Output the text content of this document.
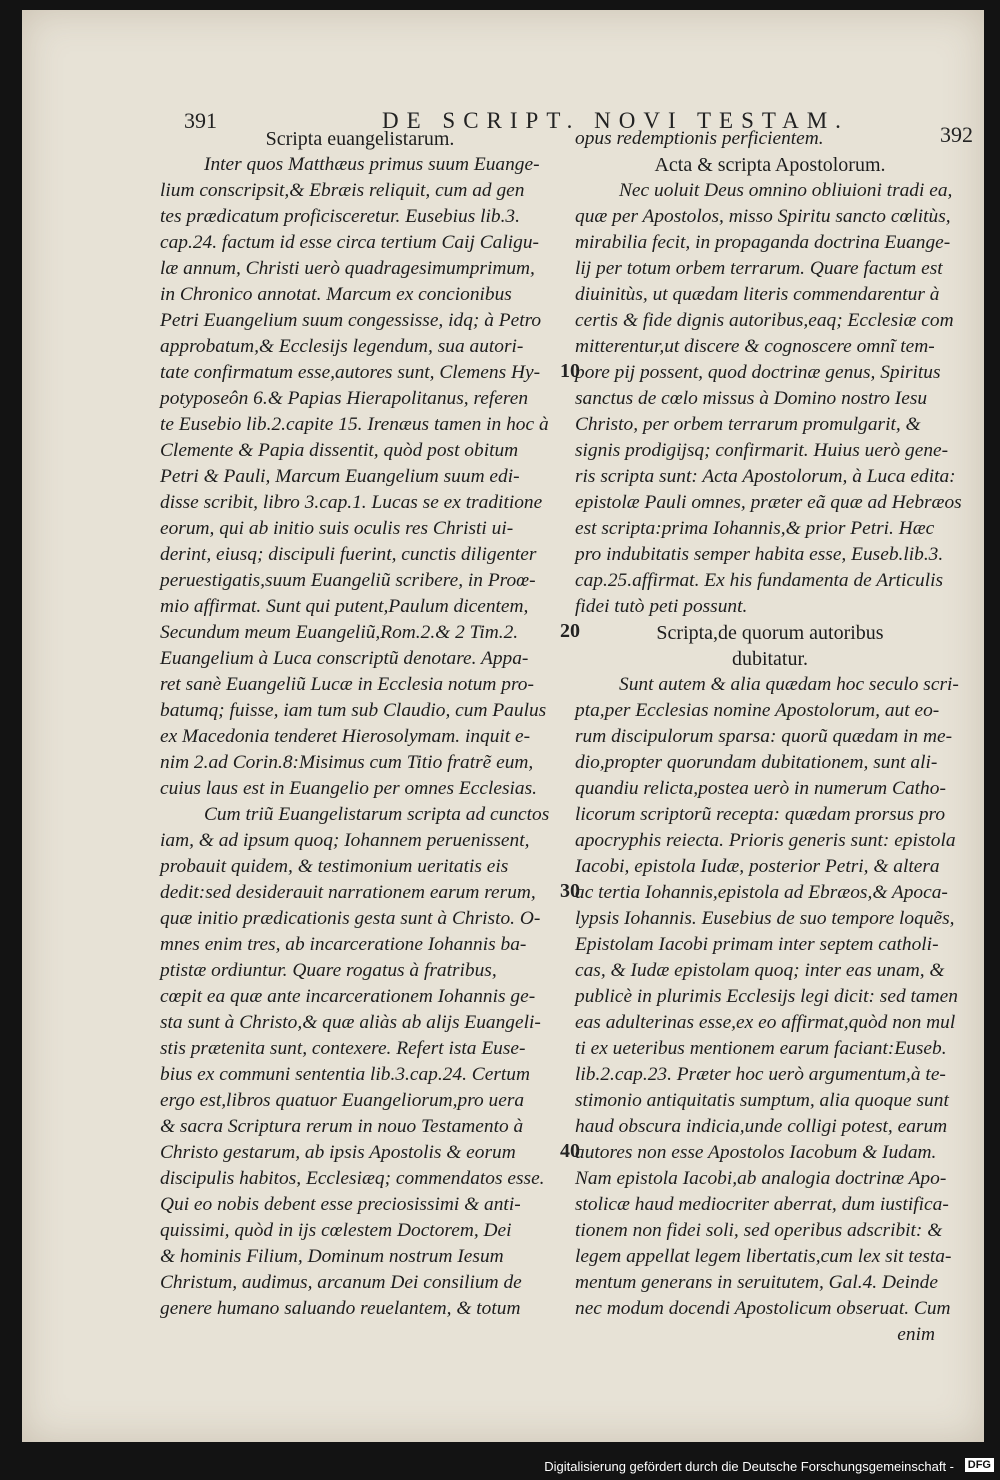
391	DE SCRIPT. NOVI TESTAM.
392
Scripta euangelistarum.
Inter quos Matthæus primus suum Euange-
lium conscripsit,& Ebræis reliquit, cum ad gen
tes prædicatum proficisceretur. Eusebius lib.3.
cap.24. factum id esse circa tertium Caij Caligu-
læ annum, Christi uerò quadragesimumprimum,
in Chronico annotat. Marcum ex concionibus
Petri Euangelium suum congessisse, idq; à Petro
approbatum,& Ecclesijs legendum, sua autori-
tate confirmatum esse,autores sunt, Clemens Hy-
potyposeôn 6.& Papias Hierapolitanus, referen
te Eusebio lib.2.capite 15. Irenæus tamen in hoc à
Clemente & Papia dissentit, quòd post obitum
Petri & Pauli, Marcum Euangelium suum edi-
disse scribit, libro 3.cap.1. Lucas se ex traditione
eorum, qui ab initio suis oculis res Christi ui-
derint, eiusq; discipuli fuerint, cunctis diligenter
peruestigatis,suum Euangeliũ scribere, in Proœ-
mio affirmat. Sunt qui putent,Paulum dicentem,
Secundum meum Euangeliũ,Rom.2.& 2 Tim.2.
Euangelium à Luca conscriptũ denotare. Appa-
ret sanè Euangeliũ Lucæ in Ecclesia notum pro-
batumq; fuisse, iam tum sub Claudio, cum Paulus
ex Macedonia tenderet Hierosolymam. inquit e-
nim 2.ad Corin.8:Misimus cum Titio fratrẽ eum,
cuius laus est in Euangelio per omnes Ecclesias.
Cum triũ Euangelistarum scripta ad cunctos
iam, & ad ipsum quoq; Iohannem peruenissent,
probauit quidem, & testimonium ueritatis eis
dedit:sed desiderauit narrationem earum rerum,
quæ initio prædicationis gesta sunt à Christo. O-
mnes enim tres, ab incarceratione Iohannis ba-
ptistæ ordiuntur. Quare rogatus à fratribus,
cœpit ea quæ ante incarcerationem Iohannis ge-
sta sunt à Christo,& quæ aliàs ab alijs Euangeli-
stis prætenita sunt, contexere. Refert ista Euse-
bius ex communi sententia lib.3.cap.24. Certum
ergo est,libros quatuor Euangeliorum,pro uera
& sacra Scriptura rerum in nouo Testamento à
Christo gestarum, ab ipsis Apostolis & eorum
discipulis habitos, Ecclesiæq; commendatos esse.
Qui eo nobis debent esse preciosissimi & anti-
quissimi, quòd in ijs cœlestem Doctorem, Dei
& hominis Filium, Dominum nostrum Iesum
Christum, audimus, arcanum Dei consilium de
genere humano saluando reuelantem, & totum
10
20
30
40
opus redemptionis perficientem.
Acta & scripta Apostolorum.
Nec uoluit Deus omnino obliuioni tradi ea,
quæ per Apostolos, misso Spiritu sancto cœlitùs,
mirabilia fecit, in propaganda doctrina Euange-
lij per totum orbem terrarum. Quare factum est
diuinitùs, ut quædam literis commendarentur à
certis & fide dignis autoribus,eaq; Ecclesiæ com
mitterentur,ut discere & cognoscere omnĩ tem-
pore pij possent, quod doctrinæ genus, Spiritus
sanctus de cœlo missus à Domino nostro Iesu
Christo, per orbem terrarum promulgarit, &
signis prodigijsq; confirmarit. Huius uerò gene-
ris scripta sunt: Acta Apostolorum, à Luca edita:
epistolæ Pauli omnes, præter eã quæ ad Hebræos
est scripta:prima Iohannis,& prior Petri. Hæc
pro indubitatis semper habita esse, Euseb.lib.3.
cap.25.affirmat. Ex his fundamenta de Articulis
fidei tutò peti possunt.
Scripta,de quorum autoribus
dubitatur.
Sunt autem & alia quædam hoc seculo scri-
pta,per Ecclesias nomine Apostolorum, aut eo-
rum discipulorum sparsa: quorũ quædam in me-
dio,propter quorundam dubitationem, sunt ali-
quandiu relicta,postea uerò in numerum Catho-
licorum scriptorũ recepta: quædam prorsus pro
apocryphis reiecta. Prioris generis sunt: epistola
Iacobi, epistola Iudæ, posterior Petri, & altera
ac tertia Iohannis,epistola ad Ebræos,& Apoca-
lypsis Iohannis. Eusebius de suo tempore loquẽs,
Epistolam Iacobi primam inter septem catholi-
cas, & Iudæ epistolam quoq; inter eas unam, &
publicè in plurimis Ecclesijs legi dicit: sed tamen
eas adulterinas esse,ex eo affirmat,quòd non mul
ti ex ueteribus mentionem earum faciant:Euseb.
lib.2.cap.23. Præter hoc uerò argumentum,à te-
stimonio antiquitatis sumptum, alia quoque sunt
haud obscura indicia,unde colligi potest, earum
autores non esse Apostolos Iacobum & Iudam.
Nam epistola Iacobi,ab analogia doctrinæ Apo-
stolicæ haud mediocriter aberrat, dum iustifica-
tionem non fidei soli, sed operibus adscribit: &
legem appellat legem libertatis,cum lex sit testa-
mentum generans in seruitutem, Gal.4. Deinde
nec modum docendi Apostolicum obseruat. Cum
enim
Digitalisierung gefördert durch die Deutsche Forschungsgemeinschaft - DFG
